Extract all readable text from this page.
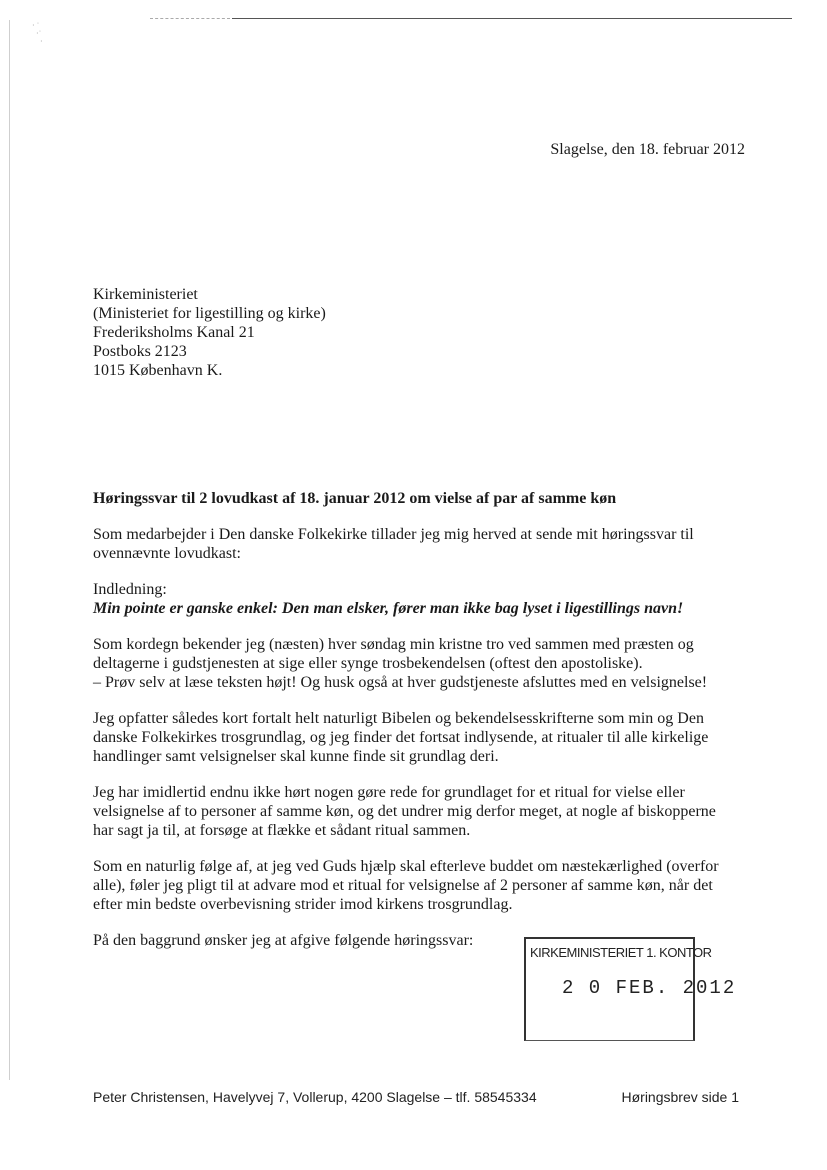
· ˙
·˙
·
Slagelse, den 18. februar 2012
Kirkeministeriet
(Ministeriet for ligestilling og kirke)
Frederiksholms Kanal 21
Postboks 2123
1015 København K.
Høringssvar til 2 lovudkast af 18. januar 2012 om vielse af par af samme køn
Som medarbejder i Den danske Folkekirke tillader jeg mig herved at sende mit høringssvar til
ovennævnte lovudkast:
Indledning:
Min pointe er ganske enkel: Den man elsker, fører man ikke bag lyset i ligestillings navn!
Som kordegn bekender jeg (næsten) hver søndag min kristne tro ved sammen med præsten og
deltagerne i gudstjenesten at sige eller synge trosbekendelsen (oftest den apostoliske).
– Prøv selv at læse teksten højt! Og husk også at hver gudstjeneste afsluttes med en velsignelse!
Jeg opfatter således kort fortalt helt naturligt Bibelen og bekendelsesskrifterne som min og Den
danske Folkekirkes trosgrundlag, og jeg finder det fortsat indlysende, at ritualer til alle kirkelige
handlinger samt velsignelser skal kunne finde sit grundlag deri.
Jeg har imidlertid endnu ikke hørt nogen gøre rede for grundlaget for et ritual for vielse eller
velsignelse af to personer af samme køn, og det undrer mig derfor meget, at nogle af biskopperne
har sagt ja til, at forsøge at flække et sådant ritual sammen.
Som en naturlig følge af, at jeg ved Guds hjælp skal efterleve buddet om næstekærlighed (overfor
alle), føler jeg pligt til at advare mod et ritual for velsignelse af 2 personer af samme køn, når det
efter min bedste overbevisning strider imod kirkens trosgrundlag.
På den baggrund ønsker jeg at afgive følgende høringssvar:
KIRKEMINISTERIET 1. KONTOR
2 0 FEB. 2012
Peter Christensen, Havelyvej 7, Vollerup, 4200 Slagelse – tlf. 58545334	Høringsbrev side 1
